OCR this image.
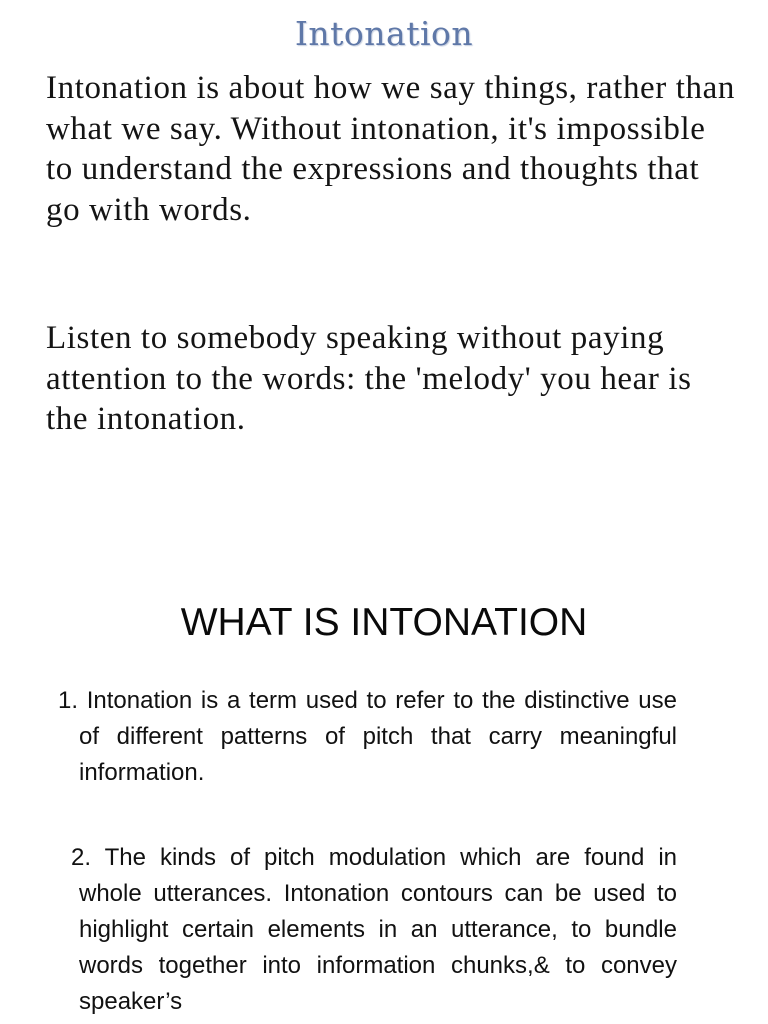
Intonation

Intonation is about how we say things, rather than what we say. Without intonation, it's impossible to understand the expressions and thoughts that go with words.

Listen to somebody speaking without paying attention to the words: the 'melody' you hear is the intonation.

WHAT IS INTONATION

1. Intonation is a term used to refer to the distinctive use of different patterns of pitch that carry meaningful information.

2. The kinds of pitch modulation which are found in whole utterances. Intonation contours can be used to highlight certain elements in an utterance, to bundle words together into information chunks,& to convey speaker’s
